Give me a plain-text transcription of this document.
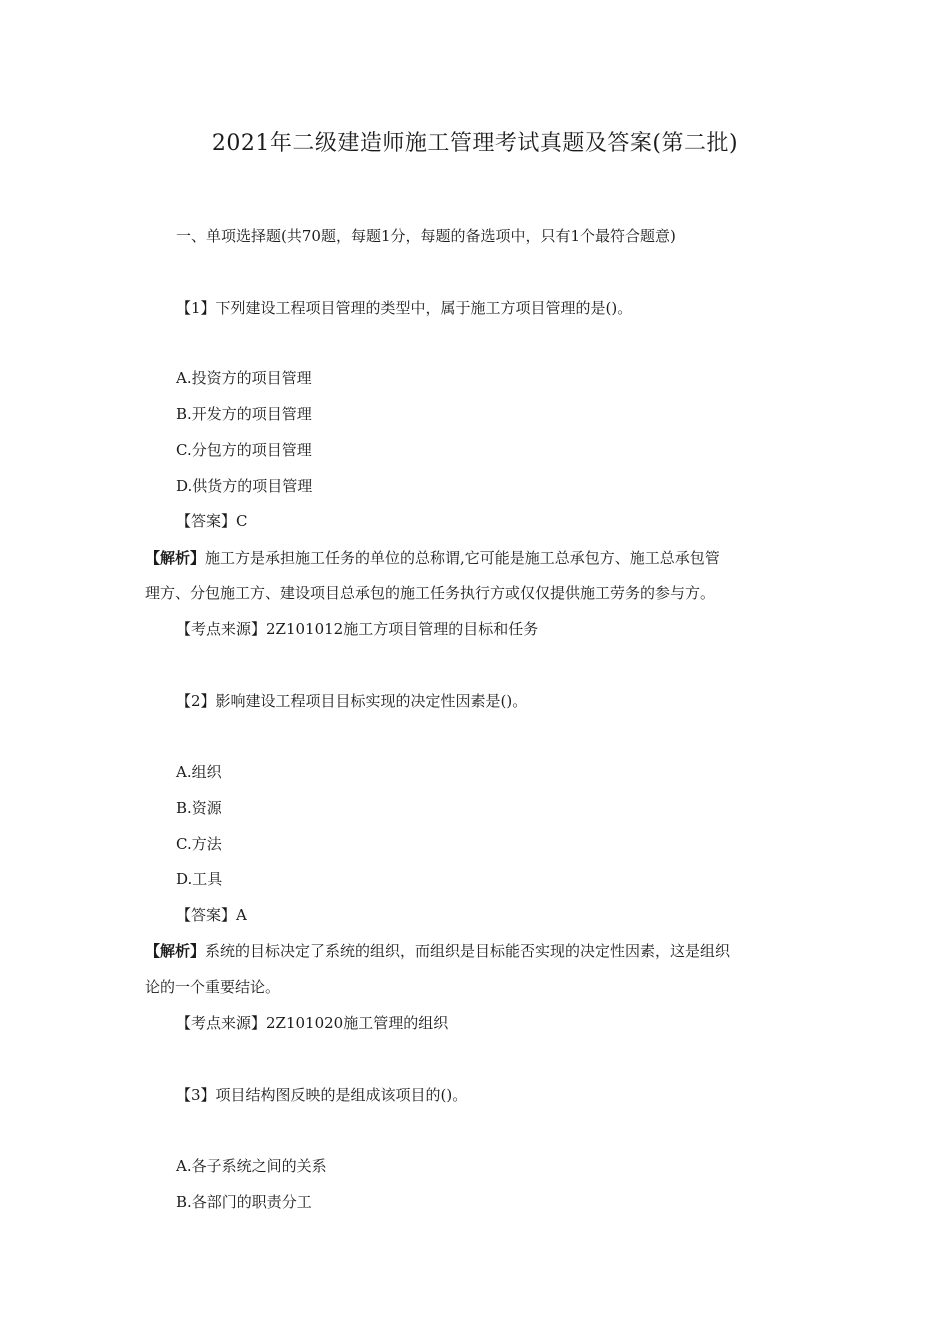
2021年二级建造师施工管理考试真题及答案(第二批)
一、单项选择题(共70题，每题1分，每题的备选项中，只有1个最符合题意)
【1】下列建设工程项目管理的类型中，属于施工方项目管理的是()。
A.投资方的项目管理
B.开发方的项目管理
C.分包方的项目管理
D.供货方的项目管理
【答案】C
【解析】施工方是承担施工任务的单位的总称谓,它可能是施工总承包方、施工总承包管
理方、分包施工方、建设项目总承包的施工任务执行方或仅仅提供施工劳务的参与方。
【考点来源】2Z101012施工方项目管理的目标和任务
【2】影响建设工程项目目标实现的决定性因素是()。
A.组织
B.资源
C.方法
D.工具
【答案】A
【解析】系统的目标决定了系统的组织，而组织是目标能否实现的决定性因素，这是组织
论的一个重要结论。
【考点来源】2Z101020施工管理的组织
【3】项目结构图反映的是组成该项目的()。
A.各子系统之间的关系
B.各部门的职责分工
